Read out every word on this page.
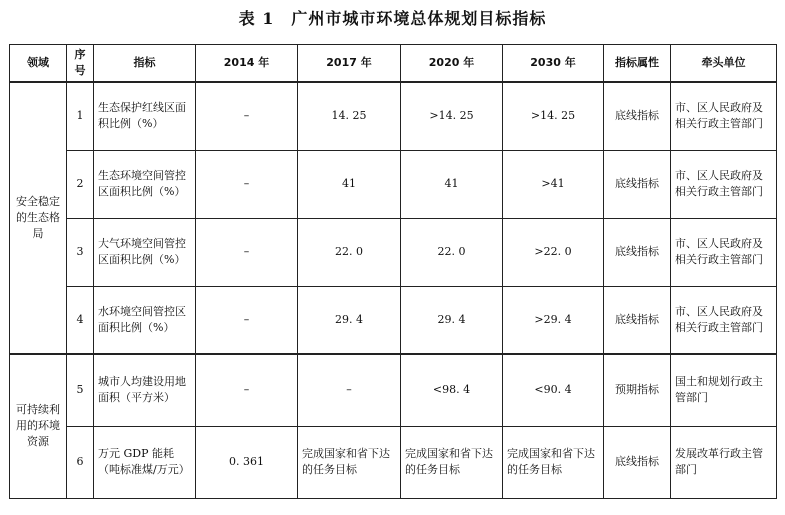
表 1　广州市城市环境总体规划目标指标
领域	序号	指标	2014 年	2017 年	2020 年	2030 年	指标属性	牵头单位
安全稳定的生态格局	1	生态保护红线区面积比例（%）	–	14. 25	>14. 25	>14. 25	底线指标	市、区人民政府及相关行政主管部门
	2	生态环境空间管控区面积比例（%）	–	41	41	>41	底线指标	市、区人民政府及相关行政主管部门
	3	大气环境空间管控区面积比例（%）	–	22. 0	22. 0	>22. 0	底线指标	市、区人民政府及相关行政主管部门
	4	水环境空间管控区面积比例（%）	–	29. 4	29. 4	>29. 4	底线指标	市、区人民政府及相关行政主管部门
可持续利用的环境资源	5	城市人均建设用地面积（平方米）	–	–	<98. 4	<90. 4	预期指标	国土和规划行政主管部门
	6	万元 GDP 能耗（吨标准煤/万元）	0. 361	完成国家和省下达的任务目标	完成国家和省下达的任务目标	完成国家和省下达的任务目标	底线指标	发展改革行政主管部门
